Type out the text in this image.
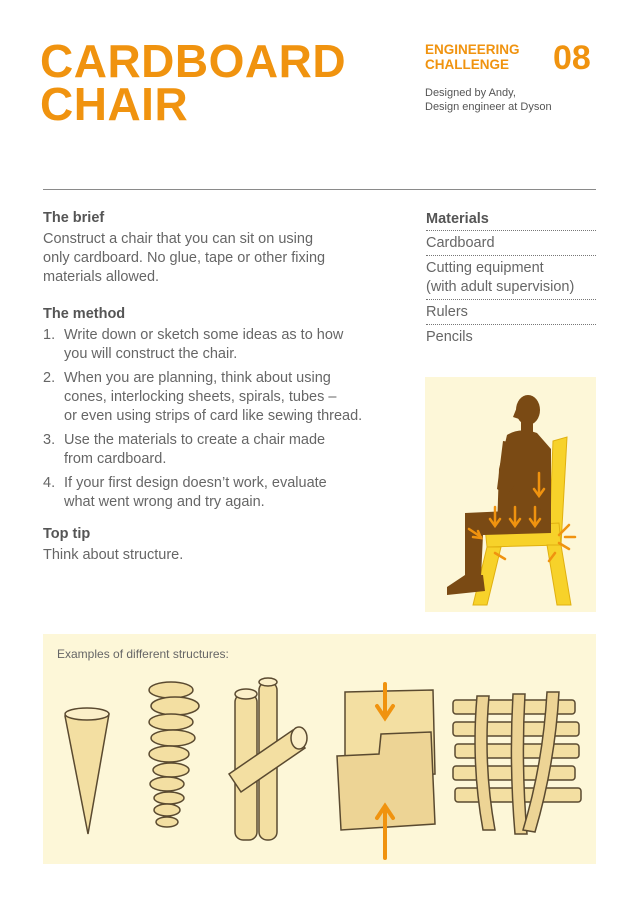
CARDBOARD
CHAIR
ENGINEERING
CHALLENGE	08
Designed by Andy,
Design engineer at Dyson
The brief
Construct a chair that you can sit on using
only cardboard. No glue, tape or other fixing
materials allowed.
The method
1. Write down or sketch some ideas as to how
you will construct the chair.
2. When you are planning, think about using
cones, interlocking sheets, spirals, tubes –
or even using strips of card like sewing thread.
3. Use the materials to create a chair made
from cardboard.
4. If your first design doesn’t work, evaluate
what went wrong and try again.
Top tip
Think about structure.
Materials
Cardboard
Cutting equipment
(with adult supervision)
Rulers
Pencils
Examples of different structures:
